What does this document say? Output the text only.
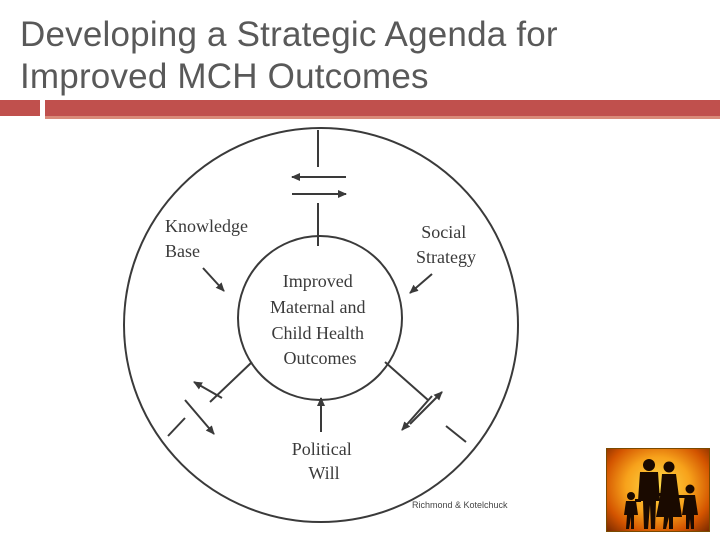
Developing a Strategic Agenda for
Improved MCH Outcomes
Improved Maternal and Child Health Outcomes
Knowledge Base
Social Strategy
Political Will
Richmond & Kotelchuck
